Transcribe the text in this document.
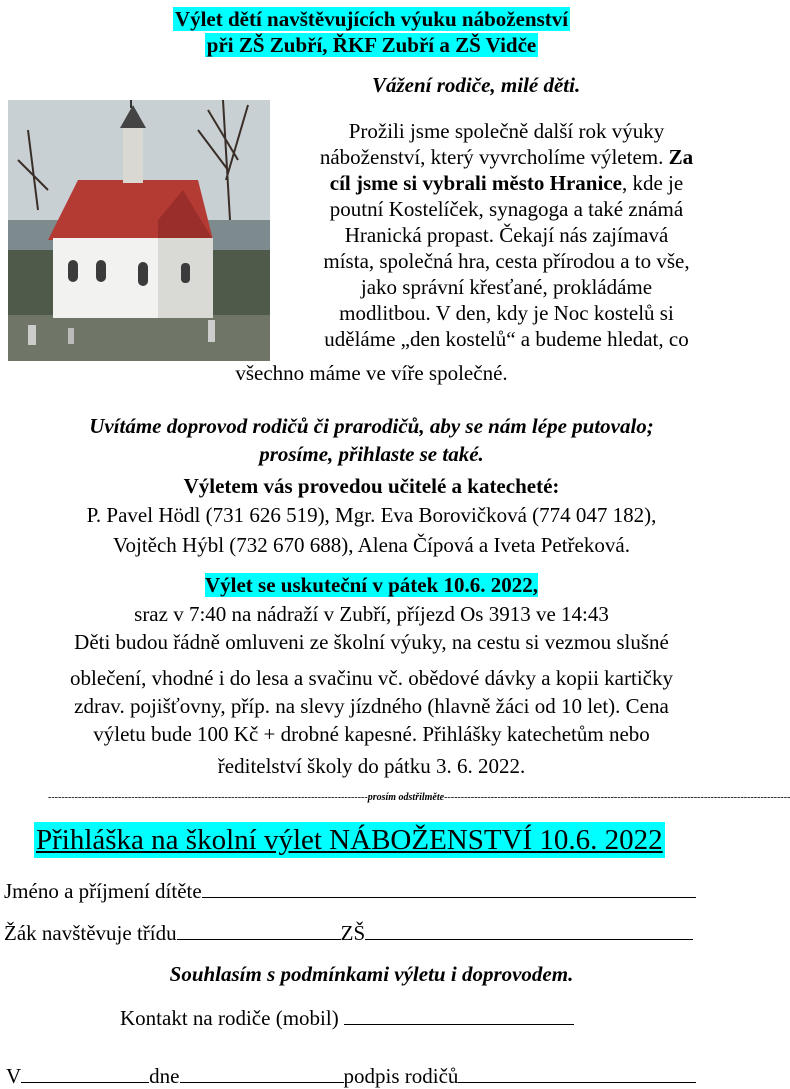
Výlet dětí navštěvujících výuku náboženství
při ZŠ Zubří, ŘKF Zubří a ZŠ Vidče
Vážení rodiče, milé děti.
Prožili jsme společně další rok výuky
náboženství, který vyvrcholíme výletem. Za
cíl jsme si vybrali město Hranice, kde je
poutní Kostelíček, synagoga a také známá
Hranická propast. Čekají nás zajímavá
místa, společná hra, cesta přírodou a to vše,
jako správní křesťané, prokládáme
modlitbou. V den, kdy je Noc kostelů si
uděláme „den kostelů“ a budeme hledat, co
všechno máme ve víře společné.
Uvítáme doprovod rodičů či prarodičů, aby se nám lépe putovalo;
prosíme, přihlaste se také.
Výletem vás provedou učitelé a katecheté:
P. Pavel Hödl (731 626 519), Mgr. Eva Borovičková (774 047 182),
Vojtěch Hýbl (732 670 688), Alena Čípová a Iveta Petřeková.
Výlet se uskuteční v pátek 10.6. 2022,
sraz v 7:40 na nádraží v Zubří, příjezd Os 3913 ve 14:43
Děti budou řádně omluveni ze školní výuky, na cestu si vezmou slušné
oblečení, vhodné i do lesa a svačinu vč. obědové dávky a kopii kartičky
zdrav. pojišťovny, příp. na slevy jízdného (hlavně žáci od 10 let). Cena
výletu bude 100 Kč + drobné kapesné. Přihlášky katechetům nebo
ředitelství školy do pátku 3. 6. 2022.
------------------------------------------------------------------------------------------------prosím odstřilměte--------------------------------------------------------------------------------------------------------
Přihláška na školní výlet NÁBOŽENSTVÍ 10.6. 2022
Jméno a příjmení dítěte
Žák navštěvuje třídu	ZŠ
Souhlasím s podmínkami výletu i doprovodem.
Kontakt na rodiče (mobil)
V	dne	podpis rodičů
